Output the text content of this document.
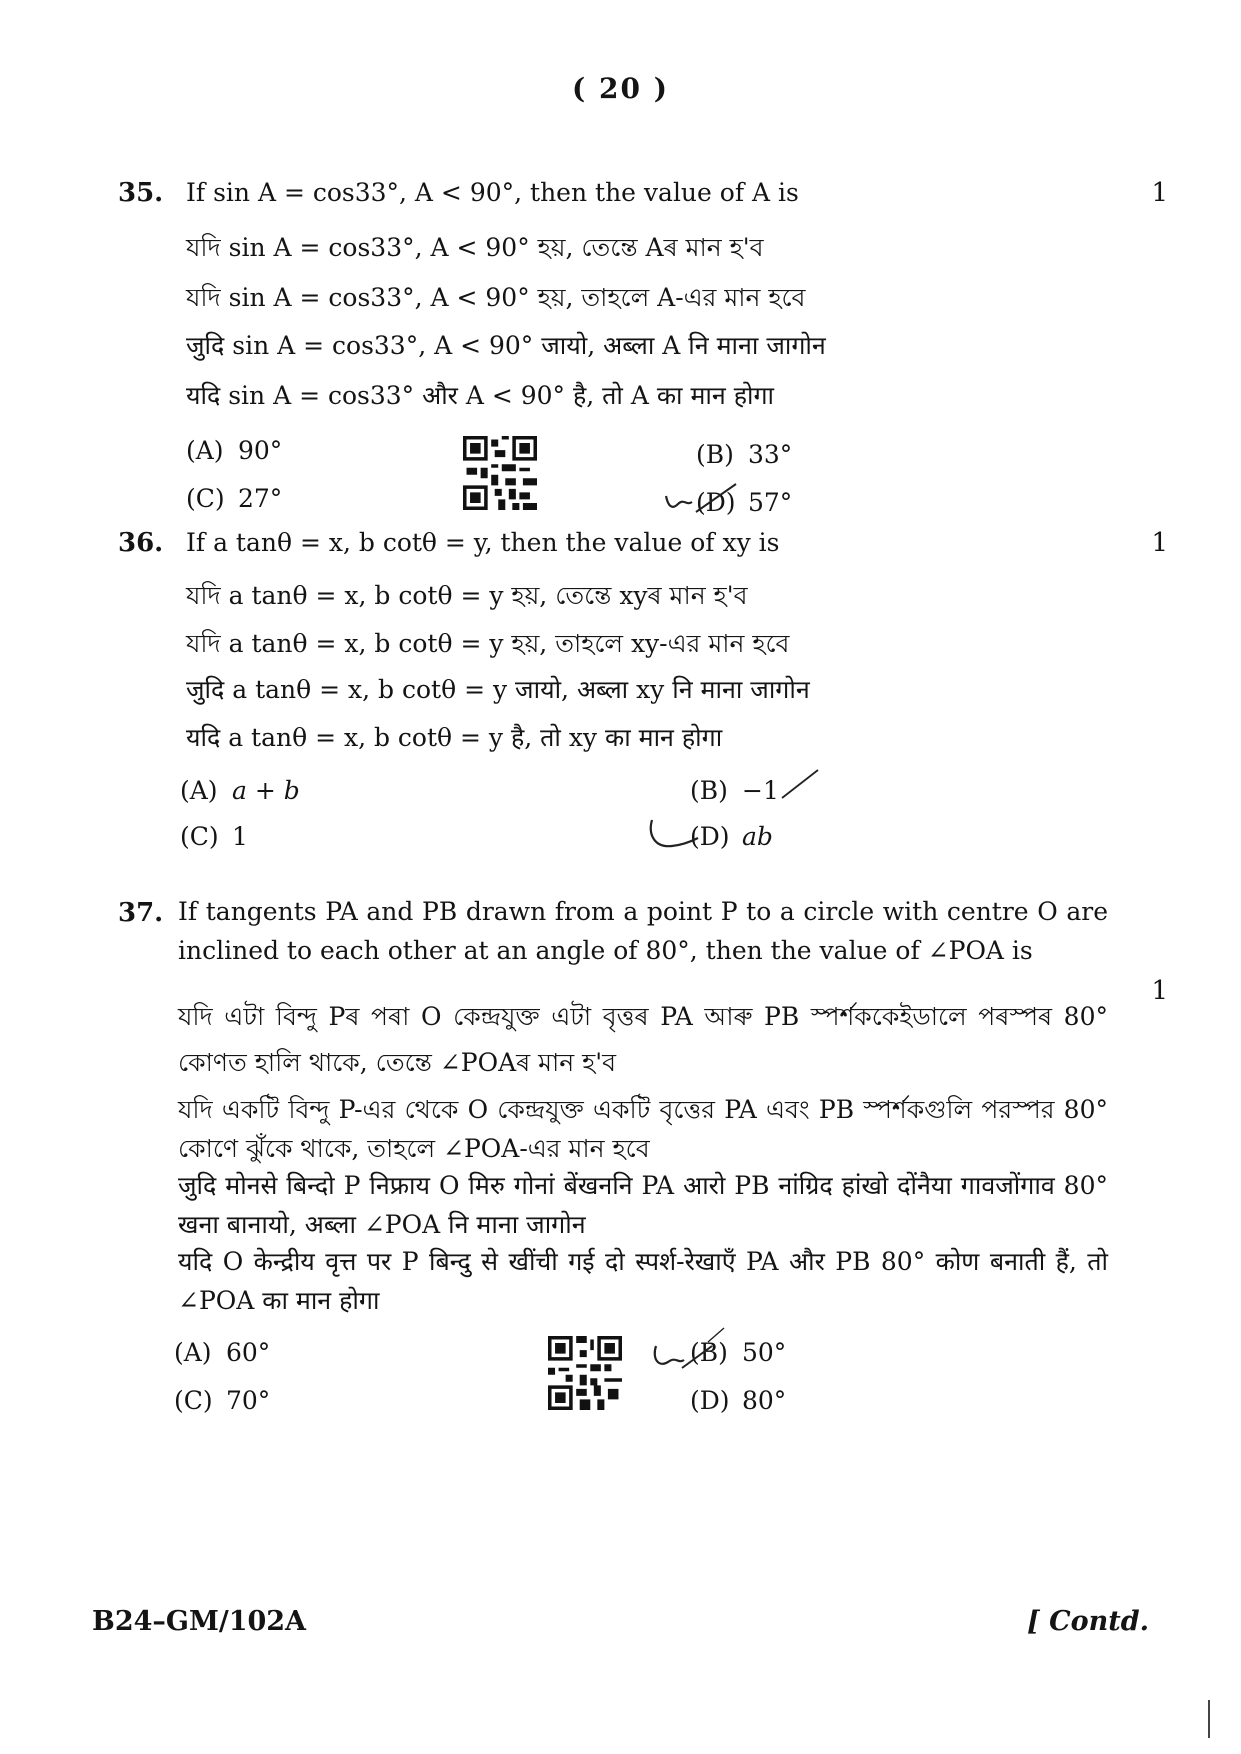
( 20 )
35.	1
If sin A = cos33°, A < 90°, then the value of A is
যদি sin A = cos33°, A < 90° হয়, তেন্তে Aৰ মান হ'ব
যদি sin A = cos33°, A < 90° হয়, তাহলে A-এর মান হবে
जुदि sin A = cos33°, A < 90° जायो, अब्ला A नि माना जागोन
यदि sin A = cos33° और A < 90° है, तो A का मान होगा
(A) 90°	(B) 33°
(C) 27°	(D) 57°
36.	1
If a tanθ = x, b cotθ = y, then the value of xy is
যদি a tanθ = x, b cotθ = y হয়, তেন্তে xyৰ মান হ'ব
যদি a tanθ = x, b cotθ = y হয়, তাহলে xy-এর মান হবে
जुदि a tanθ = x, b cotθ = y जायो, अब्ला xy नि माना जागोन
यदि a tanθ = x, b cotθ = y है, तो xy का मान होगा
(A) a + b	(B) −1
(C) 1	(D) ab
37.
1
If tangents PA and PB drawn from a point P to a circle with centre O are inclined to each other at an angle of 80°, then the value of ∠POA is
যদি এটা বিন্দু Pৰ পৰা O কেন্দ্ৰযুক্ত এটা বৃত্তৰ PA আৰু PB স্পৰ্শককেইডালে পৰস্পৰ 80° কোণত হালি থাকে, তেন্তে ∠POAৰ মান হ'ব
যদি একটি বিন্দু P-এর থেকে O কেন্দ্রযুক্ত একটি বৃত্তের PA এবং PB স্পর্শকগুলি পরস্পর 80° কোণে ঝুঁকে থাকে, তাহলে ∠POA-এর মান হবে
जुदि मोनसे बिन्दो P निफ्राय O मिरु गोनां बेंखननि PA आरो PB नांग्रिद हांखो दोंनैया गावजोंगाव 80° खना बानायो, अब्ला ∠POA नि माना जागोन
यदि O केन्द्रीय वृत्त पर P बिन्दु से खींची गई दो स्पर्श-रेखाएँ PA और PB 80° कोण बनाती हैं, तो ∠POA का मान होगा
(A) 60°	(B) 50°
(C) 70°	(D) 80°
B24–GM/102A	[ Contd.
